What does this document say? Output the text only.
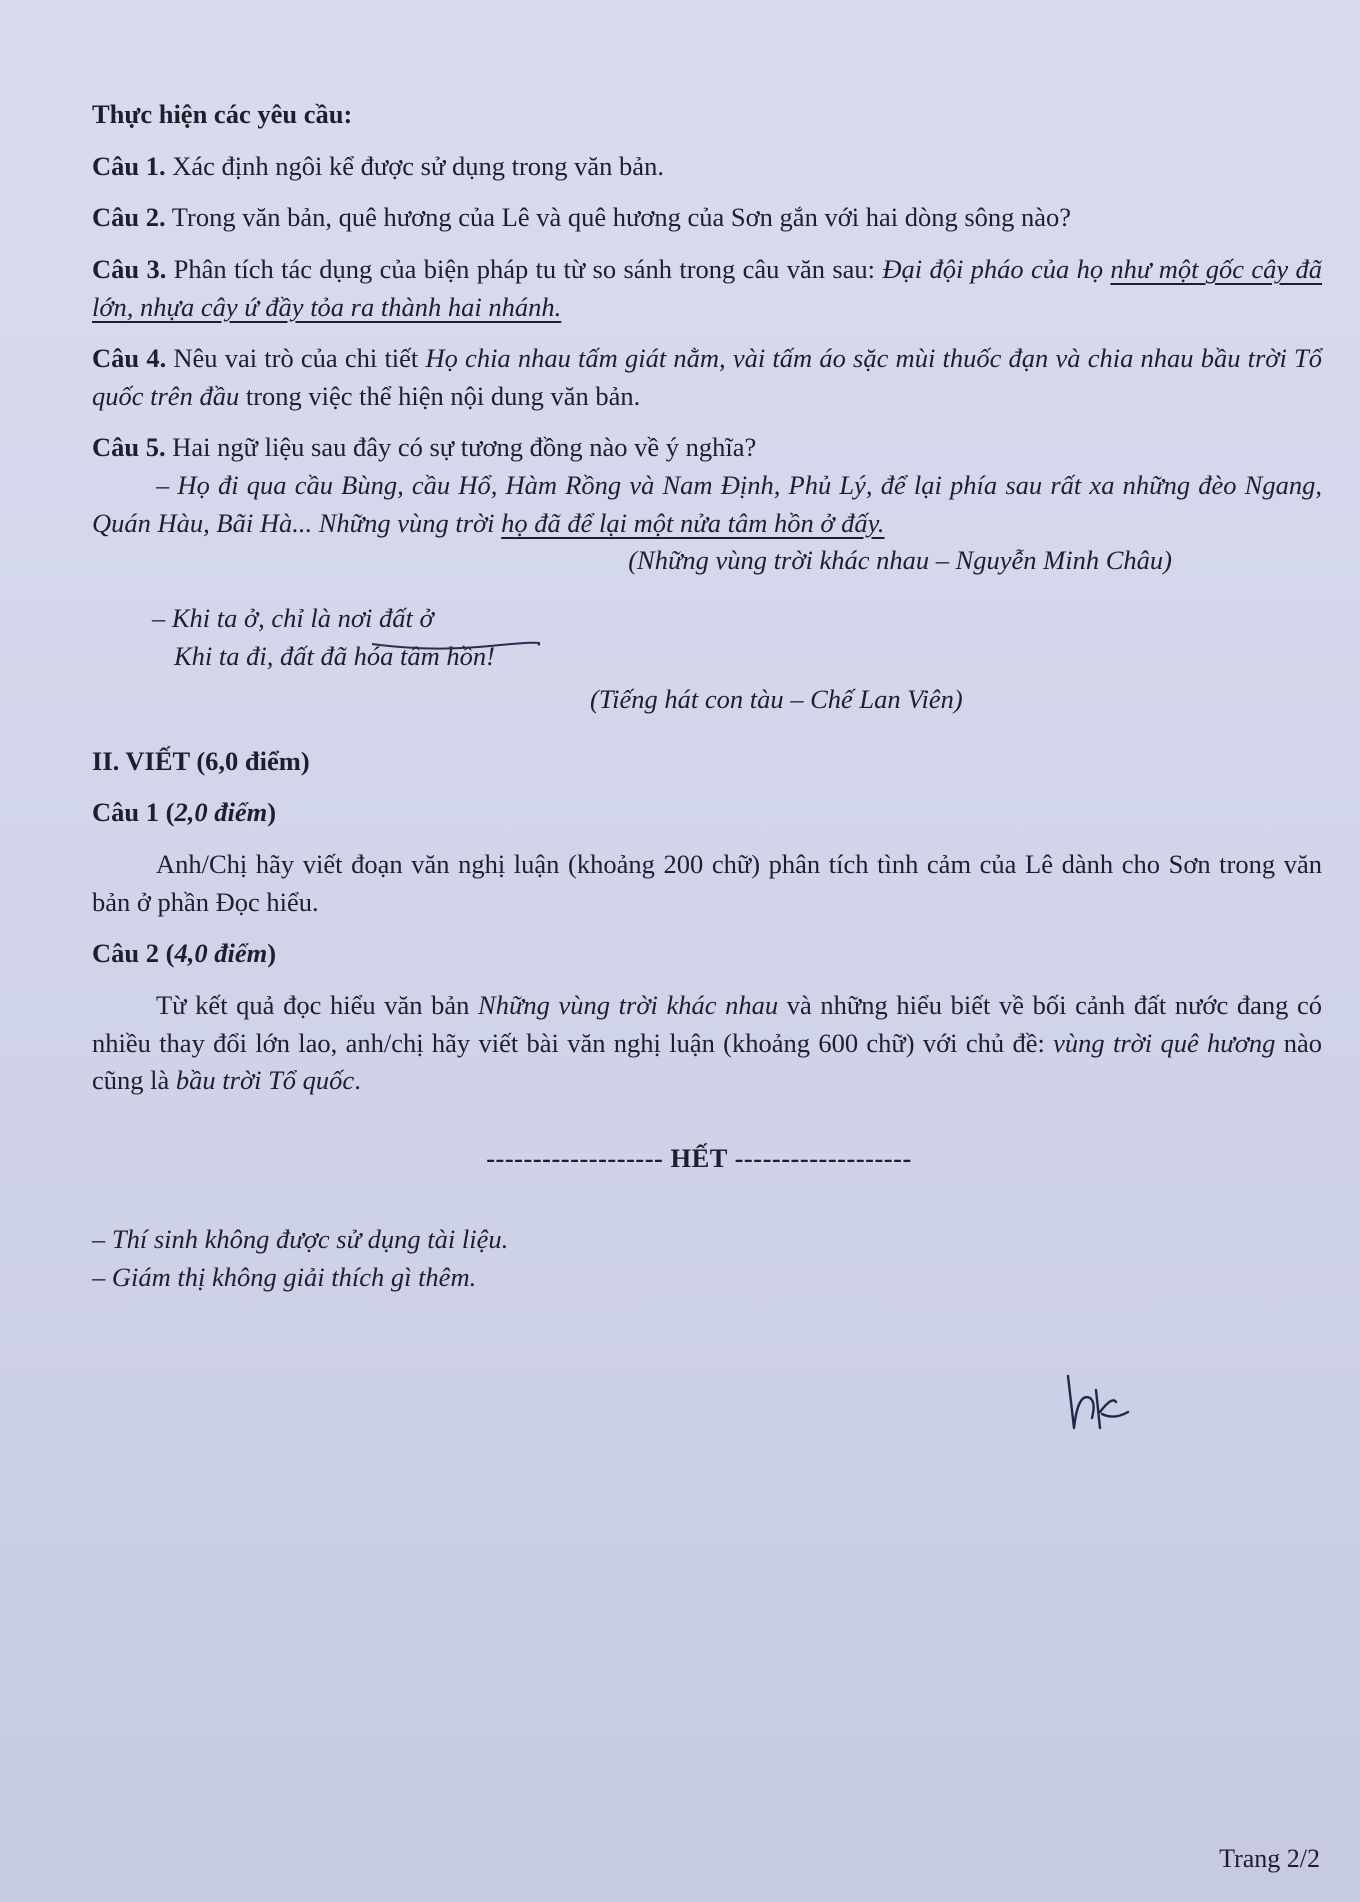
Thực hiện các yêu cầu:

Câu 1. Xác định ngôi kể được sử dụng trong văn bản.

Câu 2. Trong văn bản, quê hương của Lê và quê hương của Sơn gắn với hai dòng sông nào?

Câu 3. Phân tích tác dụng của biện pháp tu từ so sánh trong câu văn sau: Đại đội pháo của họ như một gốc cây đã lớn, nhựa cây ứ đầy tỏa ra thành hai nhánh.

Câu 4. Nêu vai trò của chi tiết Họ chia nhau tấm giát nằm, vài tấm áo sặc mùi thuốc đạn và chia nhau bầu trời Tổ quốc trên đầu trong việc thể hiện nội dung văn bản.

Câu 5. Hai ngữ liệu sau đây có sự tương đồng nào về ý nghĩa?

– Họ đi qua cầu Bùng, cầu Hổ, Hàm Rồng và Nam Định, Phủ Lý, để lại phía sau rất xa những đèo Ngang, Quán Hàu, Bãi Hà... Những vùng trời họ đã để lại một nửa tâm hồn ở đấy.

(Những vùng trời khác nhau – Nguyễn Minh Châu)

– Khi ta ở, chỉ là nơi đất ở

Khi ta đi, đất đã hóa tâm hồn!

(Tiếng hát con tàu – Chế Lan Viên)

II. VIẾT (6,0 điểm)

Câu 1 (2,0 điểm)

Anh/Chị hãy viết đoạn văn nghị luận (khoảng 200 chữ) phân tích tình cảm của Lê dành cho Sơn trong văn bản ở phần Đọc hiểu.

Câu 2 (4,0 điểm)

Từ kết quả đọc hiểu văn bản Những vùng trời khác nhau và những hiểu biết về bối cảnh đất nước đang có nhiều thay đổi lớn lao, anh/chị hãy viết bài văn nghị luận (khoảng 600 chữ) với chủ đề: vùng trời quê hương nào cũng là bầu trời Tổ quốc.

------------------- HẾT -------------------

– Thí sinh không được sử dụng tài liệu.

– Giám thị không giải thích gì thêm.

Trang 2/2
